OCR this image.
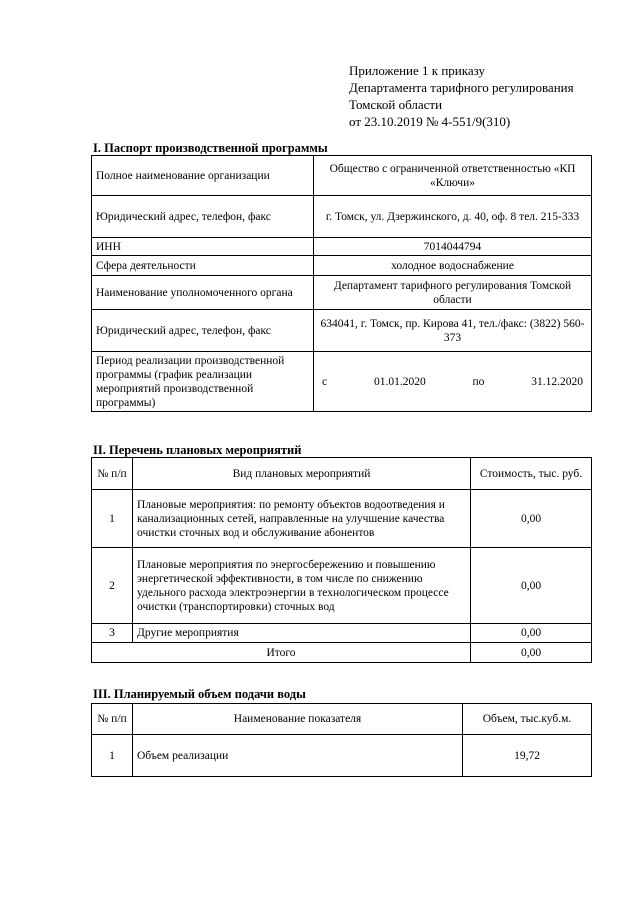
Приложение 1 к приказу
Департамента тарифного регулирования
Томской области
от 23.10.2019 № 4-551/9(310)
I. Паспорт производственной программы
Полное наименование организации	Общество с ограниченной ответственностью «КП «Ключи»
Юридический адрес, телефон, факс	г. Томск, ул. Дзержинского, д. 40, оф. 8 тел. 215-333
ИНН	7014044794
Сфера деятельности	холодное водоснабжение
Наименование уполномоченного органа	Департамент тарифного регулирования Томской области
Юридический адрес, телефон, факс	634041, г. Томск, пр. Кирова 41, тел./факс: (3822) 560-373
Период реализации производственной программы (график реализации мероприятий производственной программы)	с 01.01.2020 по 31.12.2020
II. Перечень плановых мероприятий
№ п/п	Вид плановых мероприятий	Стоимость, тыс. руб.
1	Плановые мероприятия: по ремонту объектов водоотведения и канализационных сетей, направленные на улучшение качества очистки сточных вод и обслуживание абонентов	0,00
2	Плановые мероприятия по энергосбережению и повышению энергетической эффективности, в том числе по снижению удельного расхода электроэнергии в технологическом процессе очистки (транспортировки) сточных вод	0,00
3	Другие мероприятия	0,00
Итого		0,00
III. Планируемый объем подачи воды
№ п/п	Наименование показателя	Объем, тыс.куб.м.
1	Объем реализации	19,72
